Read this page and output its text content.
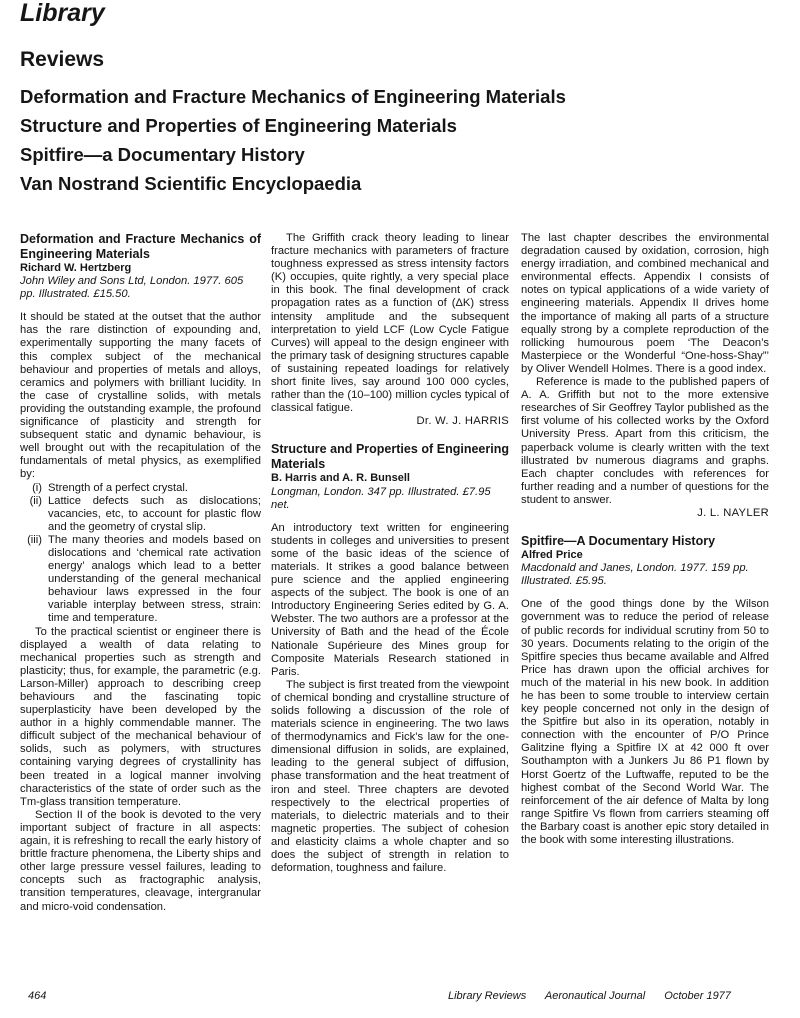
Library
Reviews
Deformation and Fracture Mechanics of Engineering Materials
Structure and Properties of Engineering Materials
Spitfire—a Documentary History
Van Nostrand Scientific Encyclopaedia

Deformation and Fracture Mechanics of Engineering Materials

Richard W. Hertzberg

John Wiley and Sons Ltd, London. 1977. 605 pp. Illustrated. £15.50.

It should be stated at the outset that the author has the rare distinction of expounding and, experimentally supporting the many facets of this complex subject of the mechanical behaviour and properties of metals and alloys, ceramics and polymers with brilliant lucidity. In the case of crystalline solids, with metals providing the outstanding example, the profound significance of plasticity and strength for subsequent static and dynamic behaviour, is well brought out with the recapitulation of the fundamentals of metal physics, as exemplified by:

(i) Strength of a perfect crystal.
(ii) Lattice defects such as dislocations; vacancies, etc, to account for plastic flow and the geometry of crystal slip.
(iii) The many theories and models based on dislocations and ‘chemical rate activation energy’ analogs which lead to a better understanding of the general mechanical behaviour laws expressed in the four variable interplay between stress, strain: time and temperature.

To the practical scientist or engineer there is displayed a wealth of data relating to mechanical properties such as strength and plasticity; thus, for example, the parametric (e.g. Larson-Miller) approach to describing creep behaviours and the fascinating topic superplasticity have been developed by the author in a highly commendable manner. The difficult subject of the mechanical behaviour of solids, such as polymers, with structures containing varying degrees of crystallinity has been treated in a logical manner involving characteristics of the state of order such as the Tm-glass transition temperature.

Section II of the book is devoted to the very important subject of fracture in all aspects: again, it is refreshing to recall the early history of brittle fracture phenomena, the Liberty ships and other large pressure vessel failures, leading to concepts such as fractographic analysis, transition temperatures, cleavage, intergranular and micro-void condensation.

The Griffith crack theory leading to linear fracture mechanics with parameters of fracture toughness expressed as stress intensity factors (K) occupies, quite rightly, a very special place in this book. The final development of crack propagation rates as a function of (ΔK) stress intensity amplitude and the subsequent interpretation to yield LCF (Low Cycle Fatigue Curves) will appeal to the design engineer with the primary task of designing structures capable of sustaining repeated loadings for relatively short finite lives, say around 100 000 cycles, rather than the (10–100) million cycles typical of classical fatigue.

Dr. W. J. HARRIS

Structure and Properties of Engineering Materials

B. Harris and A. R. Bunsell

Longman, London. 347 pp. Illustrated. £7.95 net.

An introductory text written for engineering students in colleges and universities to present some of the basic ideas of the science of materials. It strikes a good balance between pure science and the applied engineering aspects of the subject. The book is one of an Introductory Engineering Series edited by G. A. Webster. The two authors are a professor at the University of Bath and the head of the École Nationale Supérieure des Mines group for Composite Materials Research stationed in Paris.

The subject is first treated from the viewpoint of chemical bonding and crystalline structure of solids following a discussion of the role of materials science in engineering. The two laws of thermodynamics and Fick’s law for the one-dimensional diffusion in solids, are explained, leading to the general subject of diffusion, phase transformation and the heat treatment of iron and steel. Three chapters are devoted respectively to the electrical properties of materials, to dielectric materials and to their magnetic properties. The subject of cohesion and elasticity claims a whole chapter and so does the subject of strength in relation to deformation, toughness and failure.

The last chapter describes the environmental degradation caused by oxidation, corrosion, high energy irradiation, and combined mechanical and environmental effects. Appendix I consists of notes on typical applications of a wide variety of engineering materials. Appendix II drives home the importance of making all parts of a structure equally strong by a complete reproduction of the rollicking humourous poem ‘The Deacon’s Masterpiece or the Wonderful “One-hoss-Shay”’ by Oliver Wendell Holmes. There is a good index.

Reference is made to the published papers of A. A. Griffith but not to the more extensive researches of Sir Geoffrey Taylor published as the first volume of his collected works by the Oxford University Press. Apart from this criticism, the paperback volume is clearly written with the text illustrated bv numerous diagrams and graphs. Each chapter concludes with references for further reading and a number of questions for the student to answer.

J. L. NAYLER

Spitfire—A Documentary History

Alfred Price

Macdonald and Janes, London. 1977. 159 pp. Illustrated. £5.95.

One of the good things done by the Wilson government was to reduce the period of release of public records for individual scrutiny from 50 to 30 years. Documents relating to the origin of the Spitfire species thus became available and Alfred Price has drawn upon the official archives for much of the material in his new book. In addition he has been to some trouble to interview certain key people concerned not only in the design of the Spitfire but also in its operation, notably in connection with the encounter of P/O Prince Galitzine flying a Spitfire IX at 42 000 ft over Southampton with a Junkers Ju 86 P1 flown by Horst Goertz of the Luftwaffe, reputed to be the highest combat of the Second World War. The reinforcement of the air defence of Malta by long range Spitfire Vs flown from carriers steaming off the Barbary coast is another epic story detailed in the book with some interesting illustrations.

464	Library Reviews Aeronautical Journal October 1977
